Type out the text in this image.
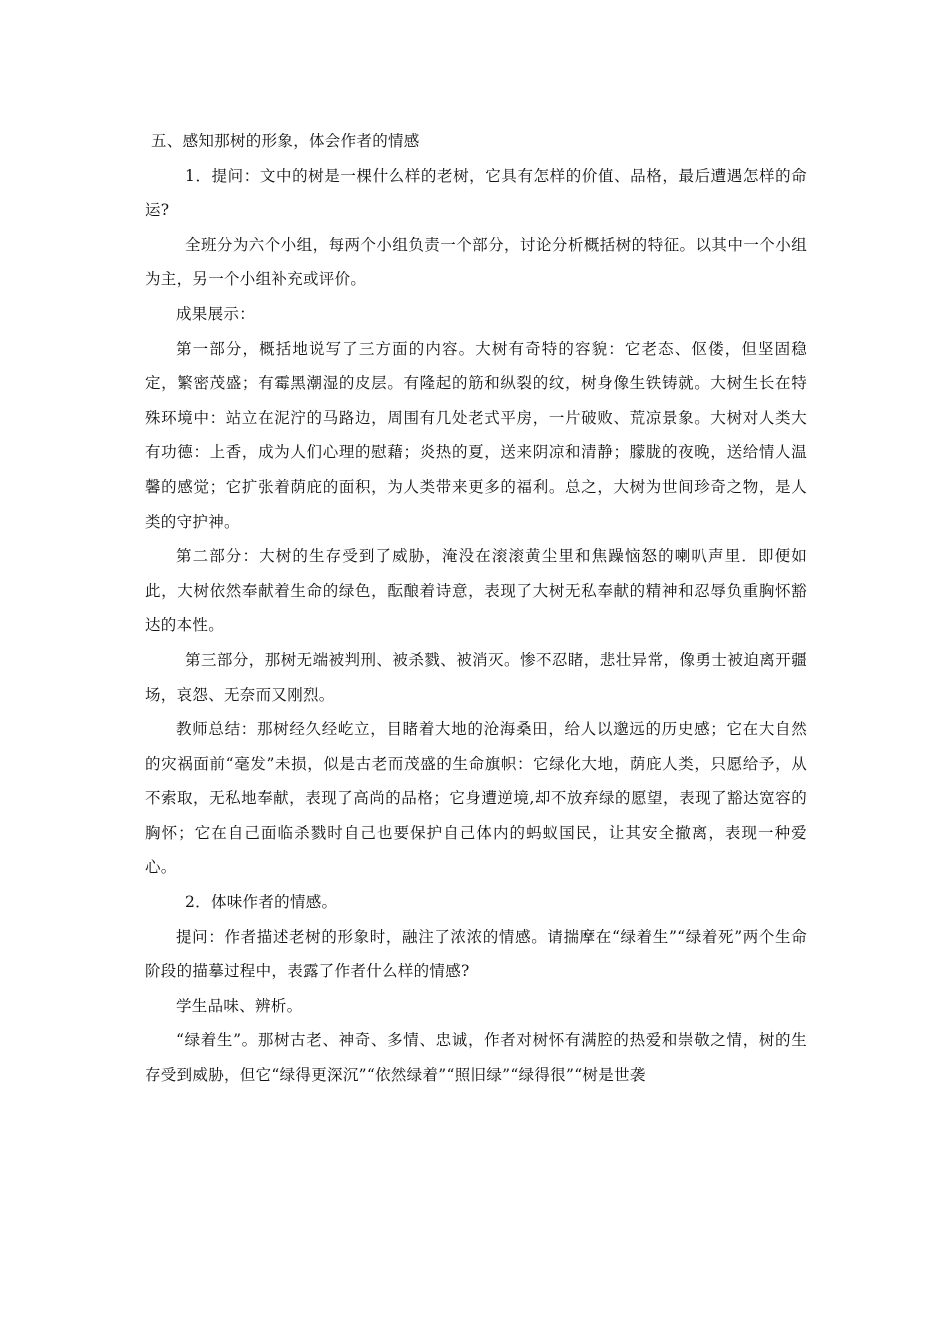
五、感知那树的形象，体会作者的情感

1．提问：文中的树是一棵什么样的老树，它具有怎样的价值、品格，最后遭遇怎样的命运?

全班分为六个小组，每两个小组负责一个部分，讨论分析概括树的特征。以其中一个小组为主，另一个小组补充或评价。

成果展示：

第一部分，概括地说写了三方面的内容。大树有奇特的容貌：它老态、伛偻，但坚固稳定，繁密茂盛；有霉黑潮湿的皮层。有隆起的筋和纵裂的纹，树身像生铁铸就。大树生长在特殊环境中：站立在泥泞的马路边，周围有几处老式平房，一片破败、荒凉景象。大树对人类大有功德：上香，成为人们心理的慰藉；炎热的夏，送来阴凉和清静；朦胧的夜晚，送给情人温馨的感觉；它扩张着荫庇的面积，为人类带来更多的福利。总之，大树为世间珍奇之物，是人类的守护神。

第二部分：大树的生存受到了威胁，淹没在滚滚黄尘里和焦躁恼怒的喇叭声里．即便如此，大树依然奉献着生命的绿色，酝酿着诗意，表现了大树无私奉献的精神和忍辱负重胸怀豁达的本性。

第三部分，那树无端被判刑、被杀戮、被消灭。惨不忍睹，悲壮异常，像勇士被迫离开疆场，哀怨、无奈而又刚烈。

教师总结：那树经久经屹立，目睹着大地的沧海桑田，给人以邈远的历史感；它在大自然的灾祸面前“毫发”未损，似是古老而茂盛的生命旗帜：它绿化大地，荫庇人类，只愿给予，从不索取，无私地奉献，表现了高尚的品格；它身遭逆境,却不放弃绿的愿望，表现了豁达宽容的胸怀；它在自己面临杀戮时自己也要保护自己体内的蚂蚁国民，让其安全撤离，表现一种爱心。

2．体味作者的情感。

提问：作者描述老树的形象时，融注了浓浓的情感。请揣摩在“绿着生”“绿着死”两个生命阶段的描摹过程中，表露了作者什么样的情感?

学生品味、辨析。

“绿着生”。那树古老、神奇、多情、忠诚，作者对树怀有满腔的热爱和崇敬之情，树的生存受到威胁，但它“绿得更深沉”“依然绿着”“照旧绿”“绿得很”“树是世袭
